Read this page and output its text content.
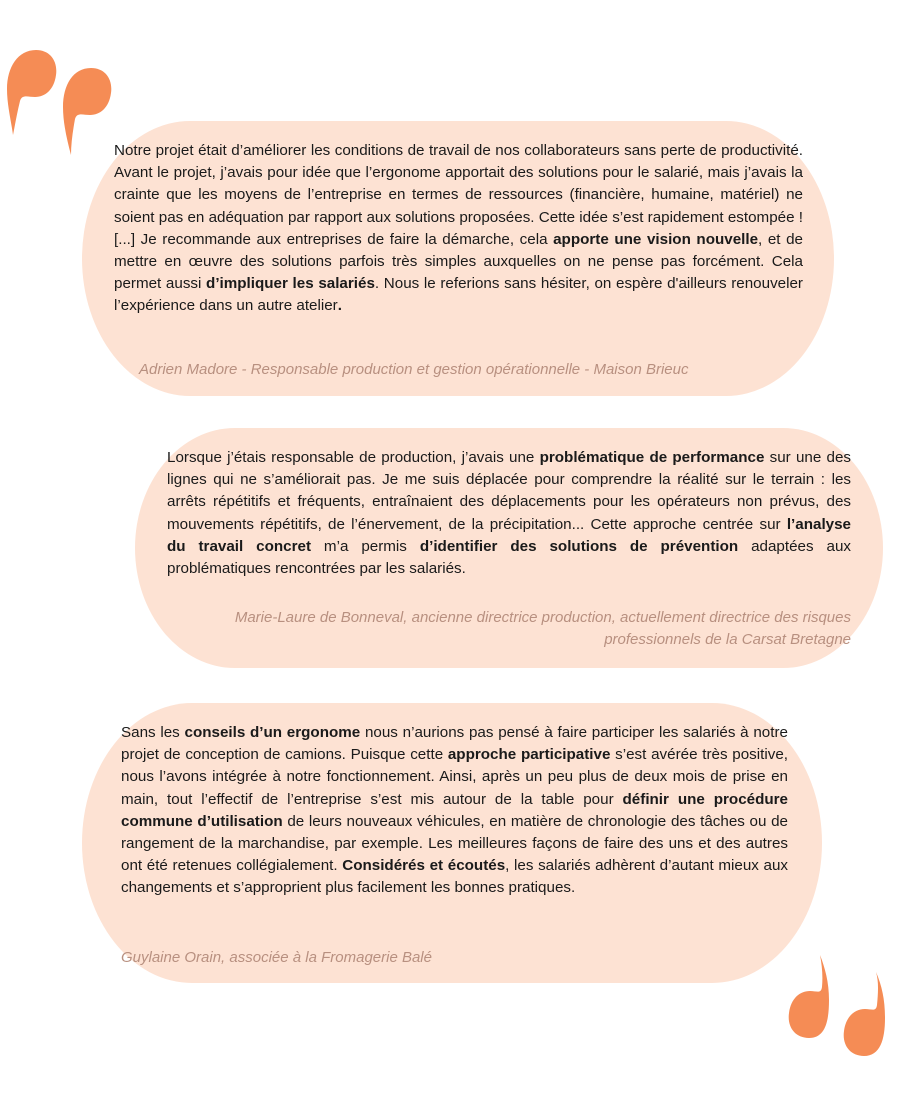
Notre projet était d’améliorer les conditions de travail de nos collaborateurs sans perte de productivité. Avant le projet, j’avais pour idée que l’ergonome apportait des solutions pour le salarié, mais j’avais la crainte que les moyens de l’entreprise en termes de ressources (financière, humaine, matériel) ne soient pas en adéquation par rapport aux solutions proposées. Cette idée s’est rapidement estompée ! [...] Je recommande aux entreprises de faire la démarche, cela apporte une vision nouvelle, et de mettre en œuvre des solutions parfois très simples auxquelles on ne pense pas forcément. Cela permet aussi d’impliquer les salariés. Nous le referions sans hésiter, on espère d'ailleurs renouveler l’expérience dans un autre atelier.

Adrien Madore - Responsable production et gestion opérationnelle - Maison Brieuc

Lorsque j’étais responsable de production, j’avais une problématique de performance sur une des lignes qui ne s’améliorait pas. Je me suis déplacée pour comprendre la réalité sur le terrain : les arrêts répétitifs et fréquents, entraînaient des déplacements pour les opérateurs non prévus, des mouvements répétitifs, de l’énervement, de la précipitation... Cette approche centrée sur l’analyse du travail concret m’a permis d’identifier des solutions de prévention adaptées aux problématiques rencontrées par les salariés.

Marie-Laure de Bonneval, ancienne directrice production, actuellement directrice des risques professionnels de la Carsat Bretagne

Sans les conseils d’un ergonome nous n’aurions pas pensé à faire participer les salariés à notre projet de conception de camions. Puisque cette approche participative s’est avérée très positive, nous l’avons intégrée à notre fonctionnement. Ainsi, après un peu plus de deux mois de prise en main, tout l’effectif de l’entreprise s’est mis autour de la table pour définir une procédure commune d’utilisation de leurs nouveaux véhicules, en matière de chronologie des tâches ou de rangement de la marchandise, par exemple. Les meilleures façons de faire des uns et des autres ont été retenues collégialement. Considérés et écoutés, les salariés adhèrent d’autant mieux aux changements et s’approprient plus facilement les bonnes pratiques.

Guylaine Orain, associée à la Fromagerie Balé
